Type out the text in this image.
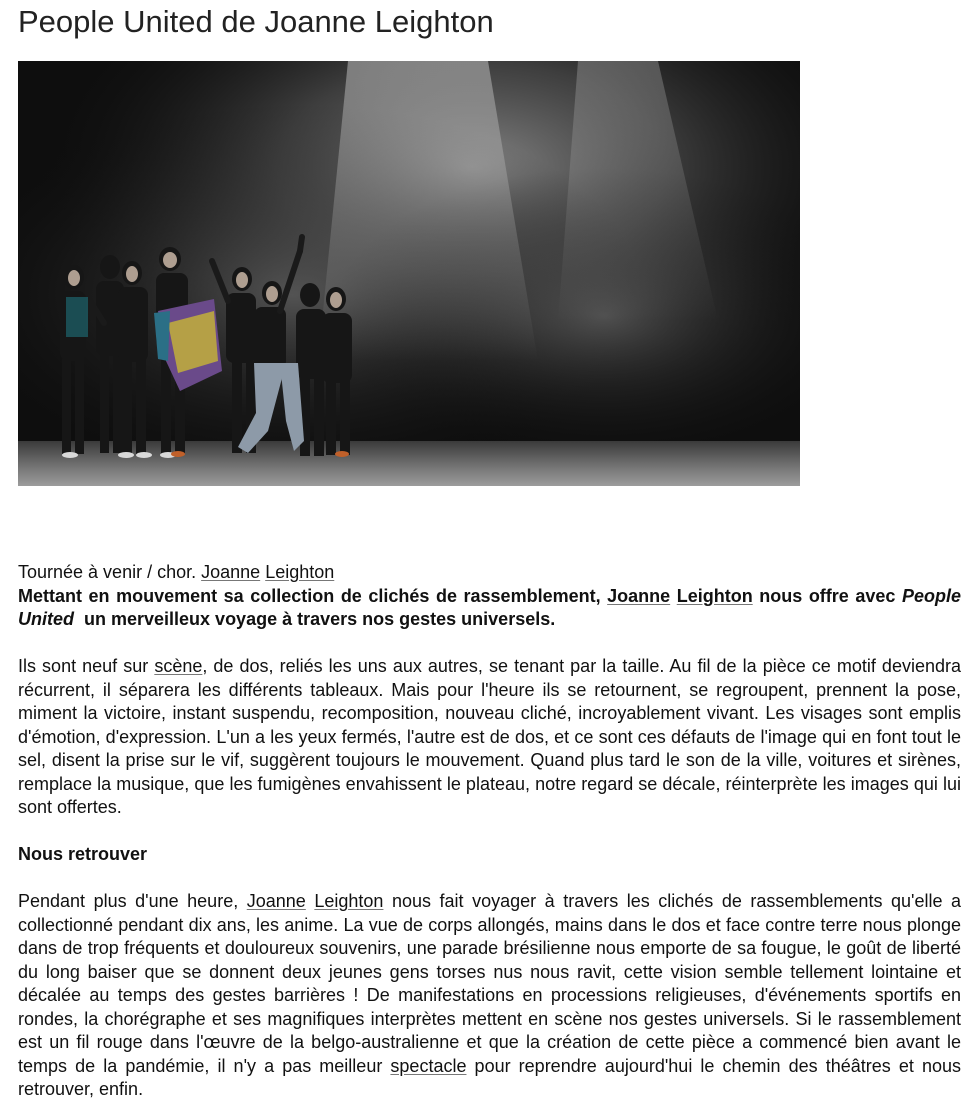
People United de Joanne Leighton

Tournée à venir / chor. Joanne Leighton

Mettant en mouvement sa collection de clichés de rassemblement, Joanne Leighton nous offre avec People United  un merveilleux voyage à travers nos gestes universels.

Ils sont neuf sur scène, de dos, reliés les uns aux autres, se tenant par la taille. Au fil de la pièce ce motif deviendra récurrent, il séparera les différents tableaux. Mais pour l'heure ils se retournent, se regroupent, prennent la pose, miment la victoire, instant suspendu, recomposition, nouveau cliché, incroyablement vivant. Les visages sont emplis d'émotion, d'expression. L'un a les yeux fermés, l'autre est de dos, et ce sont ces défauts de l'image qui en font tout le sel, disent la prise sur le vif, suggèrent toujours le mouvement. Quand plus tard le son de la ville, voitures et sirènes, remplace la musique, que les fumigènes envahissent le plateau, notre regard se décale, réinterprète les images qui lui sont offertes.

Nous retrouver

Pendant plus d'une heure, Joanne Leighton nous fait voyager à travers les clichés de rassemblements qu'elle a collectionné pendant dix ans, les anime. La vue de corps allongés, mains dans le dos et face contre terre nous plonge dans de trop fréquents et douloureux souvenirs, une parade brésilienne nous emporte de sa fougue, le goût de liberté du long baiser que se donnent deux jeunes gens torses nus nous ravit, cette vision semble tellement lointaine et décalée au temps des gestes barrières ! De manifestations en processions religieuses, d'événements sportifs en rondes, la chorégraphe et ses magnifiques interprètes mettent en scène nos gestes universels. Si le rassemblement est un fil rouge dans l'œuvre de la belgo-australienne et que la création de cette pièce a commencé bien avant le temps de la pandémie, il n'y a pas meilleur spectacle pour reprendre aujourd'hui le chemin des théâtres et nous retrouver, enfin.
